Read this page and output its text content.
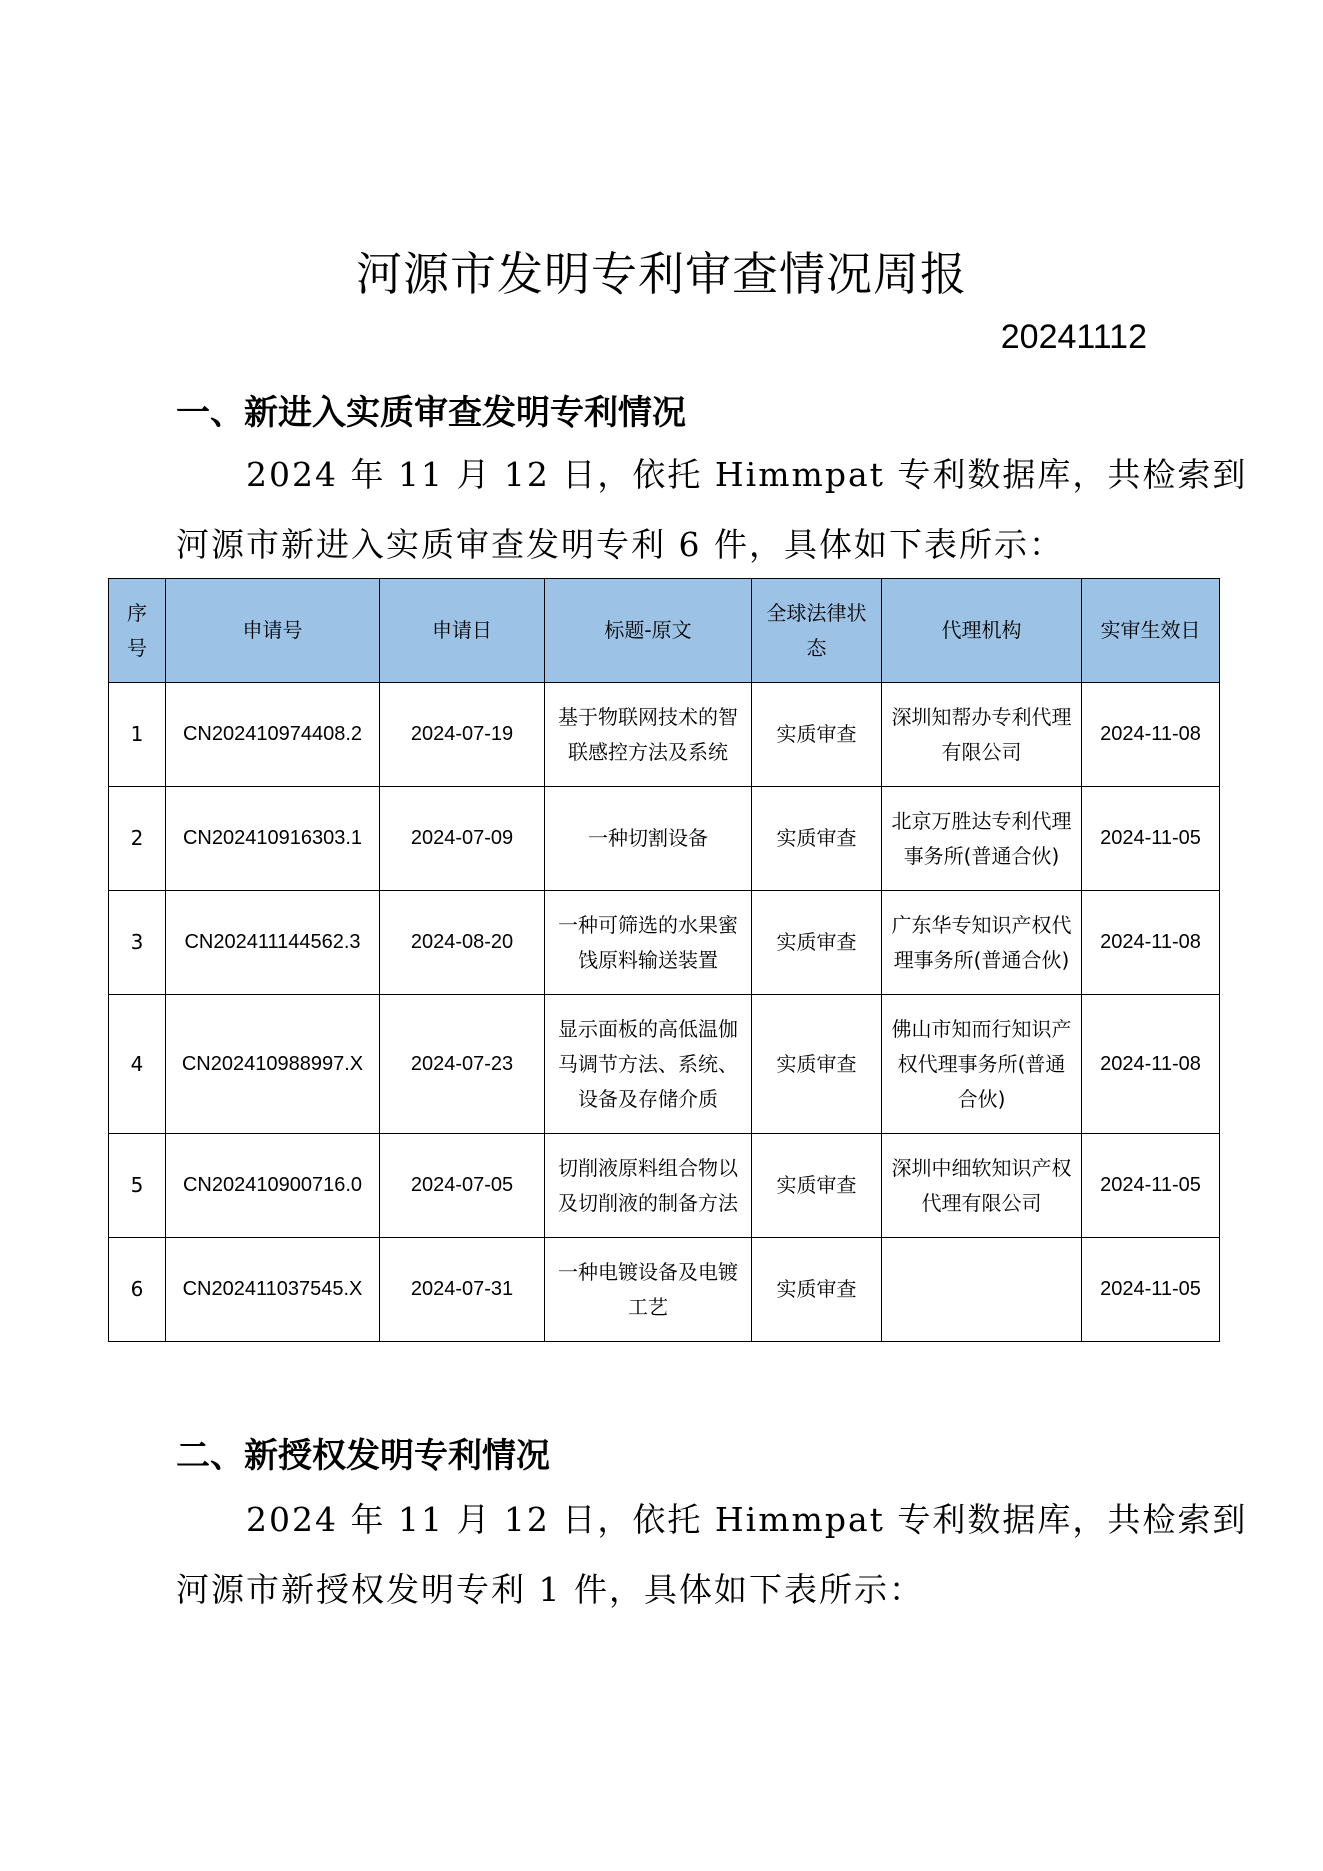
河源市发明专利审查情况周报
20241112
一、新进入实质审查发明专利情况
2024 年 11 月 12 日，依托 Himmpat 专利数据库，共检索到
河源市新进入实质审查发明专利 6 件，具体如下表所示：
序号	申请号	申请日	标题-原文	全球法律状态	代理机构	实审生效日
1	CN202410974408.2	2024-07-19	基于物联网技术的智联感控方法及系统	实质审查	深圳知帮办专利代理有限公司	2024-11-08
2	CN202410916303.1	2024-07-09	一种切割设备	实质审查	北京万胜达专利代理事务所(普通合伙)	2024-11-05
3	CN202411144562.3	2024-08-20	一种可筛选的水果蜜饯原料输送装置	实质审查	广东华专知识产权代理事务所(普通合伙)	2024-11-08
4	CN202410988997.X	2024-07-23	显示面板的高低温伽马调节方法、系统、设备及存储介质	实质审查	佛山市知而行知识产权代理事务所(普通合伙)	2024-11-08
5	CN202410900716.0	2024-07-05	切削液原料组合物以及切削液的制备方法	实质审查	深圳中细软知识产权代理有限公司	2024-11-05
6	CN202411037545.X	2024-07-31	一种电镀设备及电镀工艺	实质审查		2024-11-05
二、新授权发明专利情况
2024 年 11 月 12 日，依托 Himmpat 专利数据库，共检索到
河源市新授权发明专利 1 件，具体如下表所示：
